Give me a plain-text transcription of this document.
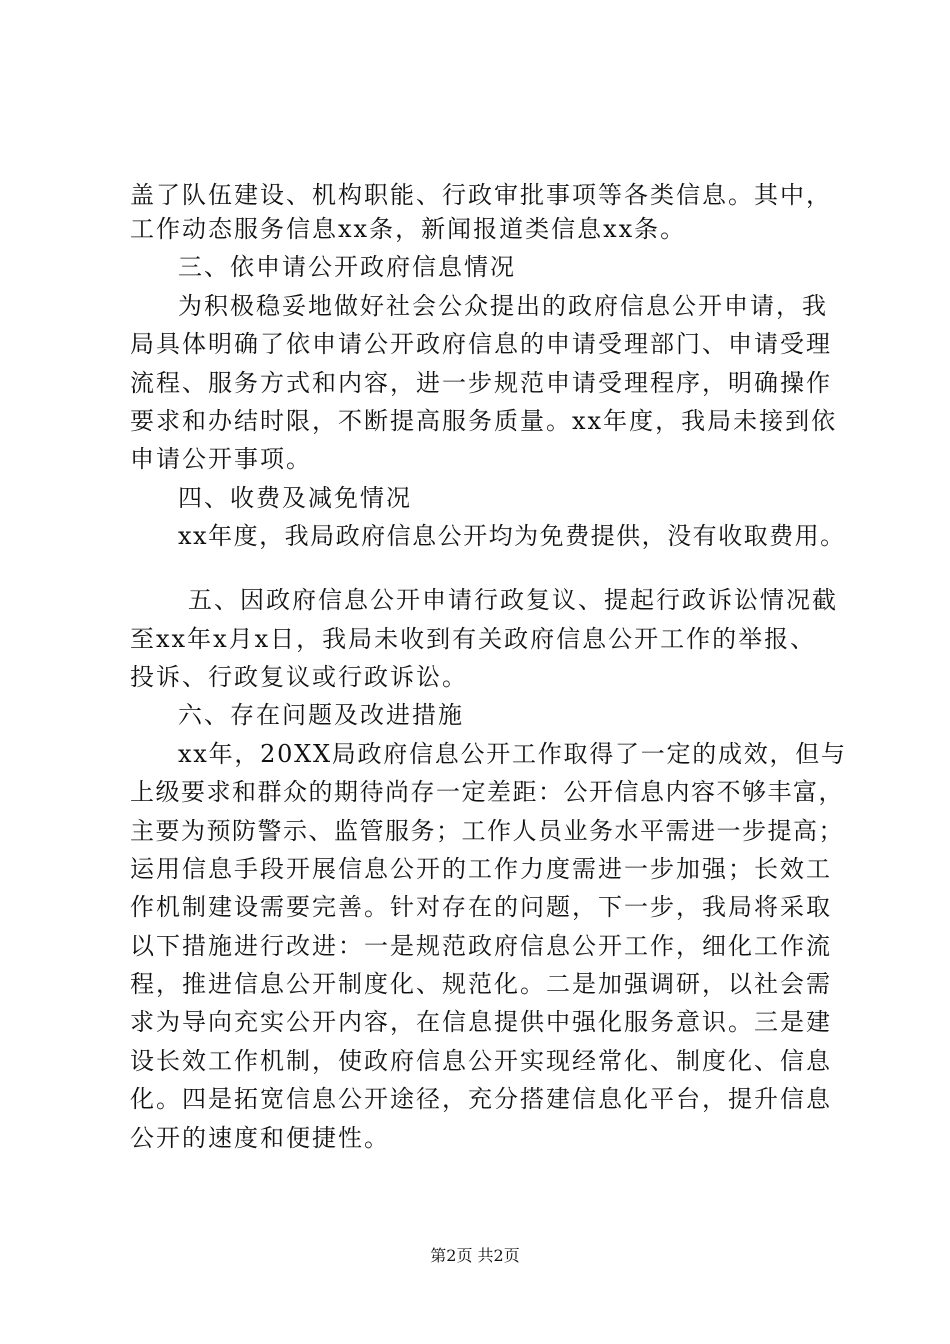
盖了队伍建设、机构职能、行政审批事项等各类信息。其中，
工作动态服务信息xx条，新闻报道类信息xx条。
三、依申请公开政府信息情况
为积极稳妥地做好社会公众提出的政府信息公开申请，我
局具体明确了依申请公开政府信息的申请受理部门、申请受理
流程、服务方式和内容，进一步规范申请受理程序，明确操作
要求和办结时限，不断提高服务质量。xx年度，我局未接到依
申请公开事项。
四、收费及减免情况
xx年度，我局政府信息公开均为免费提供，没有收取费用。
五、因政府信息公开申请行政复议、提起行政诉讼情况截
至xx年x月x日，我局未收到有关政府信息公开工作的举报、
投诉、行政复议或行政诉讼。
六、存在问题及改进措施
xx年，20XX局政府信息公开工作取得了一定的成效，但与
上级要求和群众的期待尚存一定差距：公开信息内容不够丰富，
主要为预防警示、监管服务；工作人员业务水平需进一步提高；
运用信息手段开展信息公开的工作力度需进一步加强；长效工
作机制建设需要完善。针对存在的问题，下一步，我局将采取
以下措施进行改进：一是规范政府信息公开工作，细化工作流
程，推进信息公开制度化、规范化。二是加强调研，以社会需
求为导向充实公开内容，在信息提供中强化服务意识。三是建
设长效工作机制，使政府信息公开实现经常化、制度化、信息
化。四是拓宽信息公开途径，充分搭建信息化平台，提升信息
公开的速度和便捷性。
第2页 共2页
